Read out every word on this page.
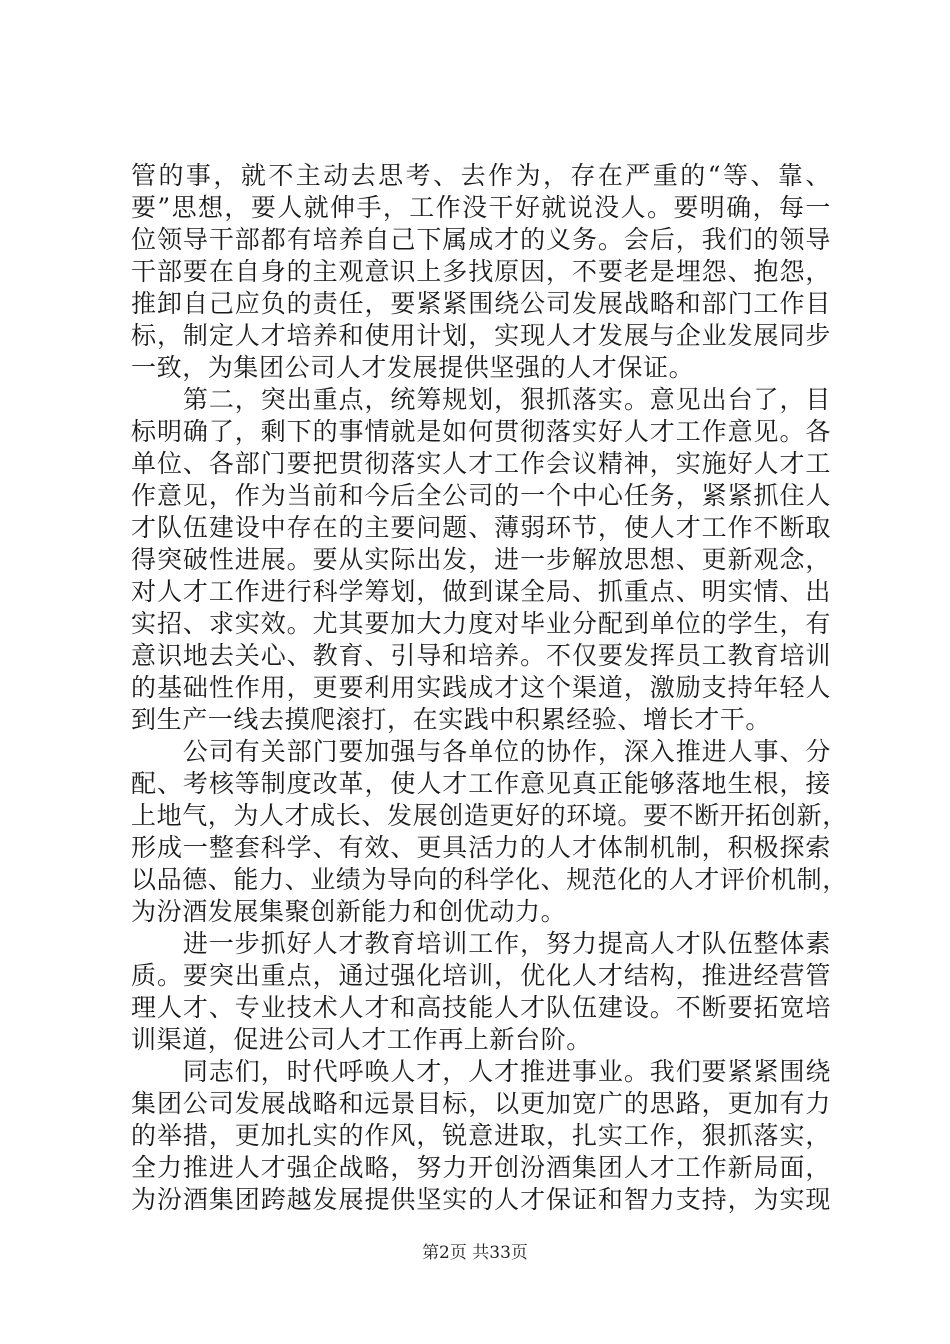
管的事，就不主动去思考、去作为，存在严重的“等、靠、
要”思想，要人就伸手，工作没干好就说没人。要明确，每一
位领导干部都有培养自己下属成才的义务。会后，我们的领导
干部要在自身的主观意识上多找原因，不要老是埋怨、抱怨，
推卸自己应负的责任，要紧紧围绕公司发展战略和部门工作目
标，制定人才培养和使用计划，实现人才发展与企业发展同步
一致，为集团公司人才发展提供坚强的人才保证。
　　第二，突出重点，统筹规划，狠抓落实。意见出台了，目
标明确了，剩下的事情就是如何贯彻落实好人才工作意见。各
单位、各部门要把贯彻落实人才工作会议精神，实施好人才工
作意见，作为当前和今后全公司的一个中心任务，紧紧抓住人
才队伍建设中存在的主要问题、薄弱环节，使人才工作不断取
得突破性进展。要从实际出发，进一步解放思想、更新观念，
对人才工作进行科学筹划，做到谋全局、抓重点、明实情、出
实招、求实效。尤其要加大力度对毕业分配到单位的学生，有
意识地去关心、教育、引导和培养。不仅要发挥员工教育培训
的基础性作用，更要利用实践成才这个渠道，激励支持年轻人
到生产一线去摸爬滚打，在实践中积累经验、增长才干。
　　公司有关部门要加强与各单位的协作，深入推进人事、分
配、考核等制度改革，使人才工作意见真正能够落地生根，接
上地气，为人才成长、发展创造更好的环境。要不断开拓创新，
形成一整套科学、有效、更具活力的人才体制机制，积极探索
以品德、能力、业绩为导向的科学化、规范化的人才评价机制，
为汾酒发展集聚创新能力和创优动力。
　　进一步抓好人才教育培训工作，努力提高人才队伍整体素
质。要突出重点，通过强化培训，优化人才结构，推进经营管
理人才、专业技术人才和高技能人才队伍建设。不断要拓宽培
训渠道，促进公司人才工作再上新台阶。
　　同志们，时代呼唤人才，人才推进事业。我们要紧紧围绕
集团公司发展战略和远景目标，以更加宽广的思路，更加有力
的举措，更加扎实的作风，锐意进取，扎实工作，狠抓落实，
全力推进人才强企战略，努力开创汾酒集团人才工作新局面，
为汾酒集团跨越发展提供坚实的人才保证和智力支持，为实现
第2页 共33页
